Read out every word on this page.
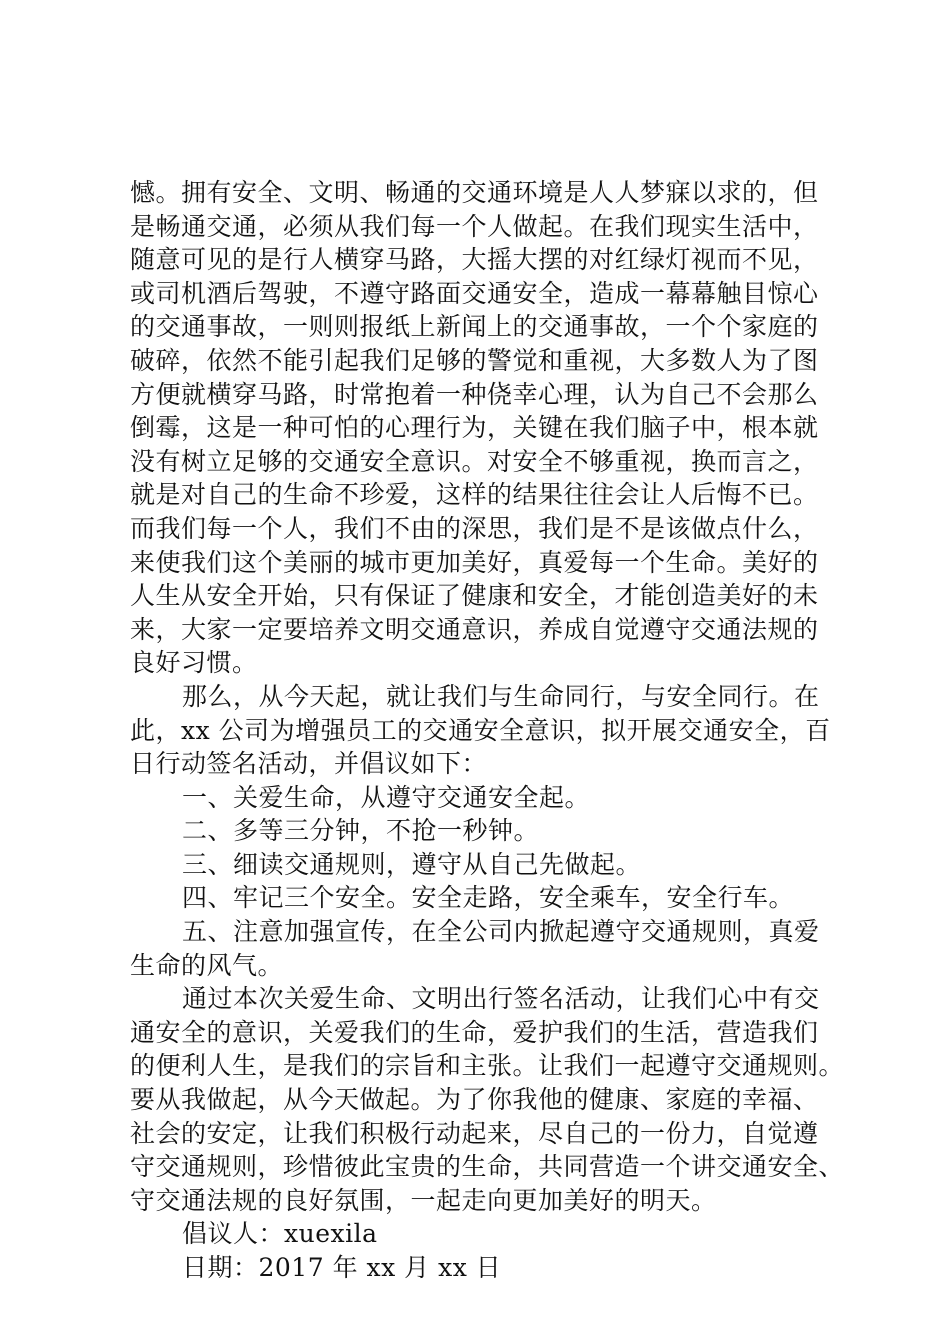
憾。拥有安全、文明、畅通的交通环境是人人梦寐以求的，但
是畅通交通，必须从我们每一个人做起。在我们现实生活中，
随意可见的是行人横穿马路，大摇大摆的对红绿灯视而不见，
或司机酒后驾驶，不遵守路面交通安全，造成一幕幕触目惊心
的交通事故，一则则报纸上新闻上的交通事故，一个个家庭的
破碎，依然不能引起我们足够的警觉和重视，大多数人为了图
方便就横穿马路，时常抱着一种侥幸心理，认为自己不会那么
倒霉，这是一种可怕的心理行为，关键在我们脑子中，根本就
没有树立足够的交通安全意识。对安全不够重视，换而言之，
就是对自己的生命不珍爱，这样的结果往往会让人后悔不已。
而我们每一个人，我们不由的深思，我们是不是该做点什么，
来使我们这个美丽的城市更加美好，真爱每一个生命。美好的
人生从安全开始，只有保证了健康和安全，才能创造美好的未
来，大家一定要培养文明交通意识，养成自觉遵守交通法规的
良好习惯。
那么，从今天起，就让我们与生命同行，与安全同行。在
此，xx 公司为增强员工的交通安全意识，拟开展交通安全，百
日行动签名活动，并倡议如下：
一、关爱生命，从遵守交通安全起。
二、多等三分钟，不抢一秒钟。
三、细读交通规则，遵守从自己先做起。
四、牢记三个安全。安全走路，安全乘车，安全行车。
五、注意加强宣传，在全公司内掀起遵守交通规则，真爱
生命的风气。
通过本次关爱生命、文明出行签名活动，让我们心中有交
通安全的意识，关爱我们的生命，爱护我们的生活，营造我们
的便利人生，是我们的宗旨和主张。让我们一起遵守交通规则。
要从我做起，从今天做起。为了你我他的健康、家庭的幸福、
社会的安定，让我们积极行动起来，尽自己的一份力，自觉遵
守交通规则，珍惜彼此宝贵的生命，共同营造一个讲交通安全、
守交通法规的良好氛围，一起走向更加美好的明天。
倡议人：xuexila
日期：2017 年 xx 月 xx 日
